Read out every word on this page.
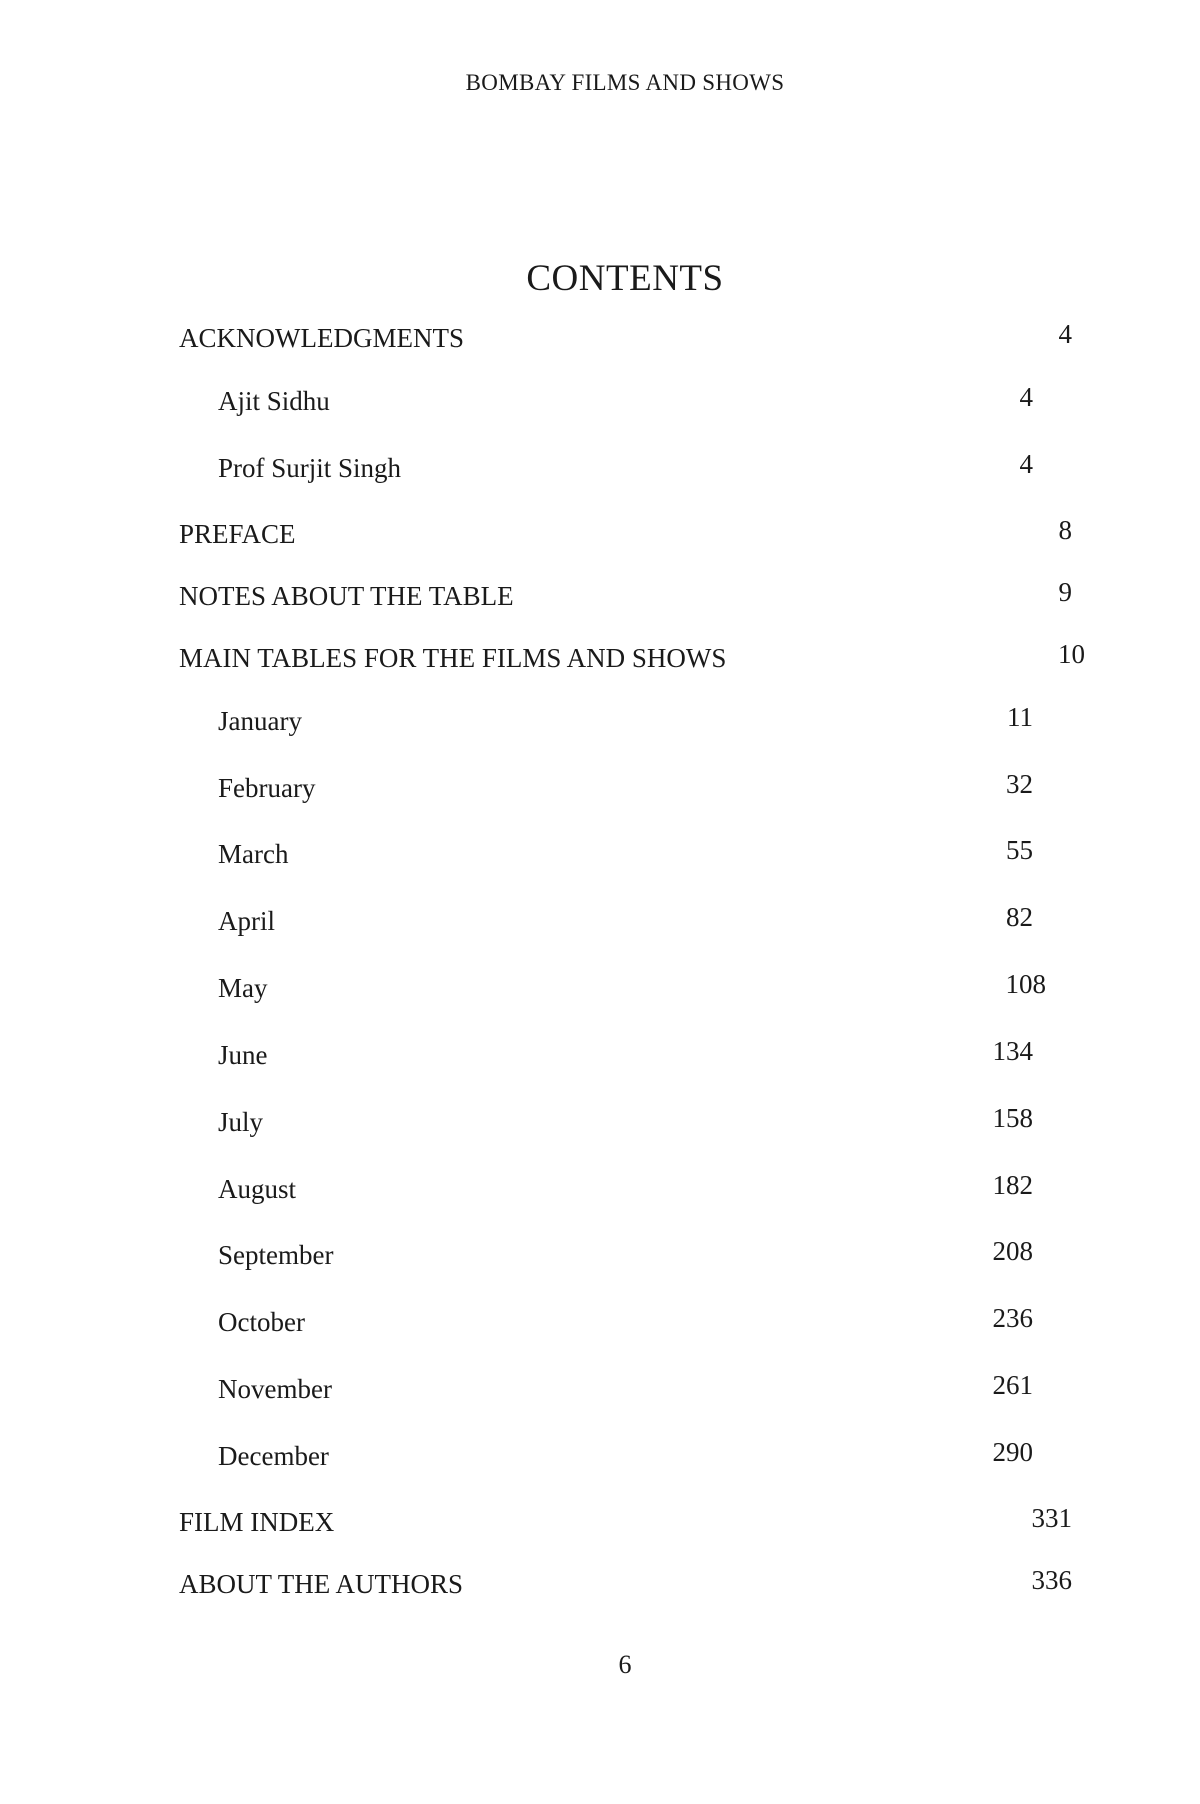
BOMBAY FILMS AND SHOWS
CONTENTS
ACKNOWLEDGMENTS	4
Ajit Sidhu	4
Prof Surjit Singh	4
PREFACE	8
NOTES ABOUT THE TABLE	9
MAIN TABLES FOR THE FILMS AND SHOWS	10
January	11
February	32
March	55
April	82
May	108
June	134
July	158
August	182
September	208
October	236
November	261
December	290
FILM INDEX	331
ABOUT THE AUTHORS	336
6
